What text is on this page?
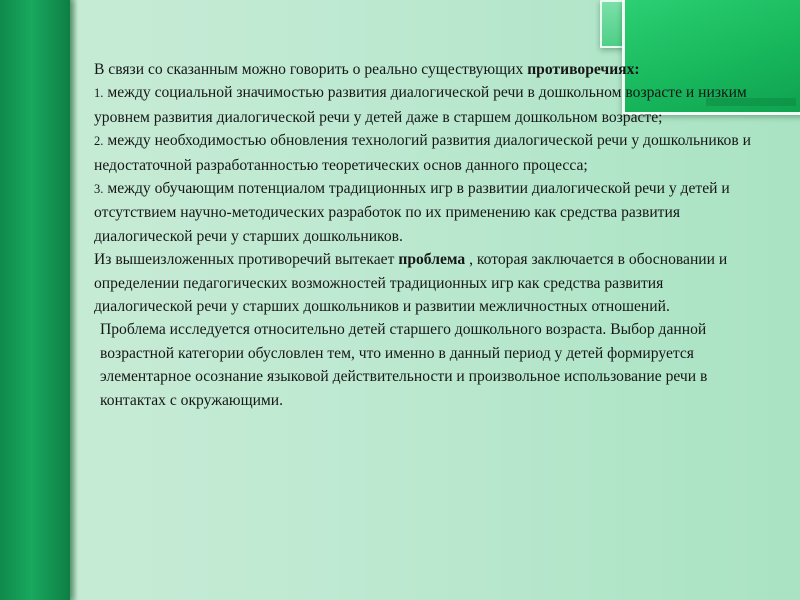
В связи со сказанным можно говорить о реально существующих противоречиях:

1. между социальной значимостью развития диалогической речи в дошкольном возрасте и низким уровнем развития диалогической речи у детей даже в старшем дошкольном возрасте;

2. между необходимостью обновления технологий развития диалогической речи у дошкольников и недостаточной разработанностью теоретических основ данного процесса;

3. между обучающим потенциалом традиционных игр в развитии диалогической речи у детей и отсутствием научно-методических разработок по их применению как средства развития диалогической речи у старших дошкольников.

Из вышеизложенных противоречий вытекает проблема , которая заключается в обосновании и определении педагогических возможностей традиционных игр как средства развития диалогической речи у старших дошкольников и развитии межличностных отношений.

Проблема исследуется относительно детей старшего дошкольного возраста. Выбор данной возрастной категории обусловлен тем, что именно в данный период у детей формируется элементарное осознание языковой действительности и произвольное использование речи в контактах с окружающими.
